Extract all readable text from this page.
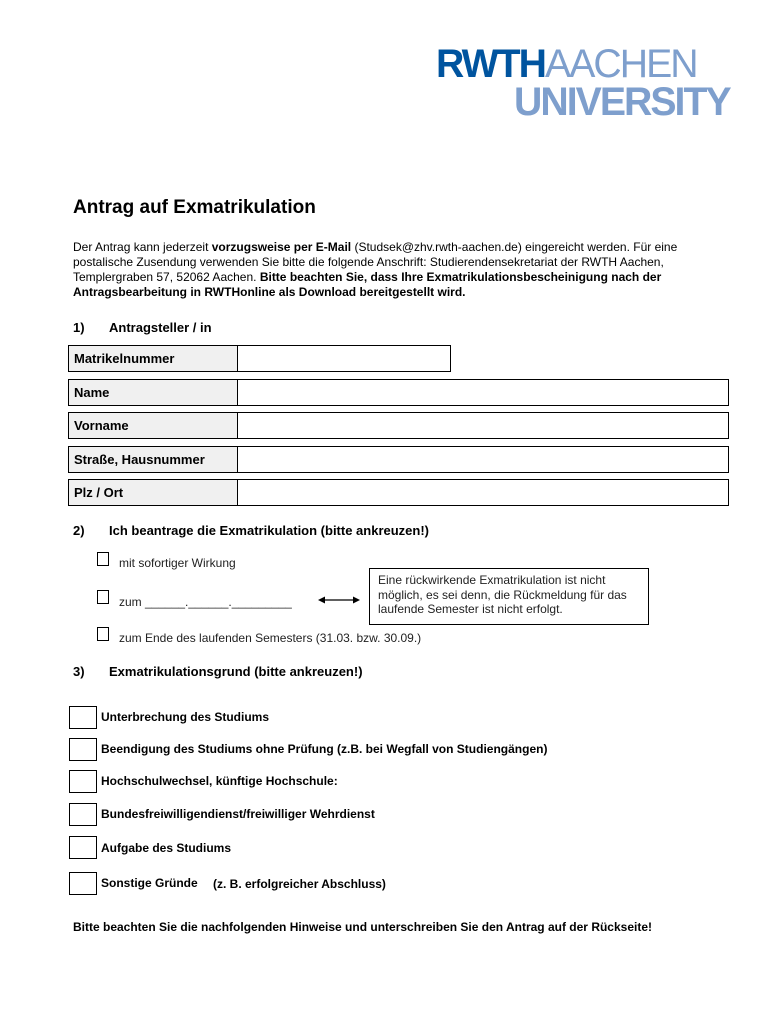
RWTHAACHEN
UNIVERSITY
Antrag auf Exmatrikulation
Der Antrag kann jederzeit vorzugsweise per E-Mail (Studsek@zhv.rwth-aachen.de) eingereicht werden. Für eine postalische Zusendung verwenden Sie bitte die folgende Anschrift: Studierendensekretariat der RWTH Aachen, Templergraben 57, 52062 Aachen. Bitte beachten Sie, dass Ihre Exmatrikulationsbescheinigung nach der Antragsbearbeitung in RWTHonline als Download bereitgestellt wird.
1) Antragsteller / in
Matrikelnummer
Name
Vorname
Straße, Hausnummer
Plz / Ort
2) Ich beantrage die Exmatrikulation (bitte ankreuzen!)
mit sofortiger Wirkung
zum ______.______._________
Eine rückwirkende Exmatrikulation ist nicht möglich, es sei denn, die Rückmeldung für das laufende Semester ist nicht erfolgt.
zum Ende des laufenden Semesters (31.03. bzw. 30.09.)
3) Exmatrikulationsgrund (bitte ankreuzen!)
Unterbrechung des Studiums
Beendigung des Studiums ohne Prüfung (z.B. bei Wegfall von Studiengängen)
Hochschulwechsel, künftige Hochschule:
Bundesfreiwilligendienst/freiwilliger Wehrdienst
Aufgabe des Studiums
Sonstige Gründe (z. B. erfolgreicher Abschluss)
Bitte beachten Sie die nachfolgenden Hinweise und unterschreiben Sie den Antrag auf der Rückseite!
